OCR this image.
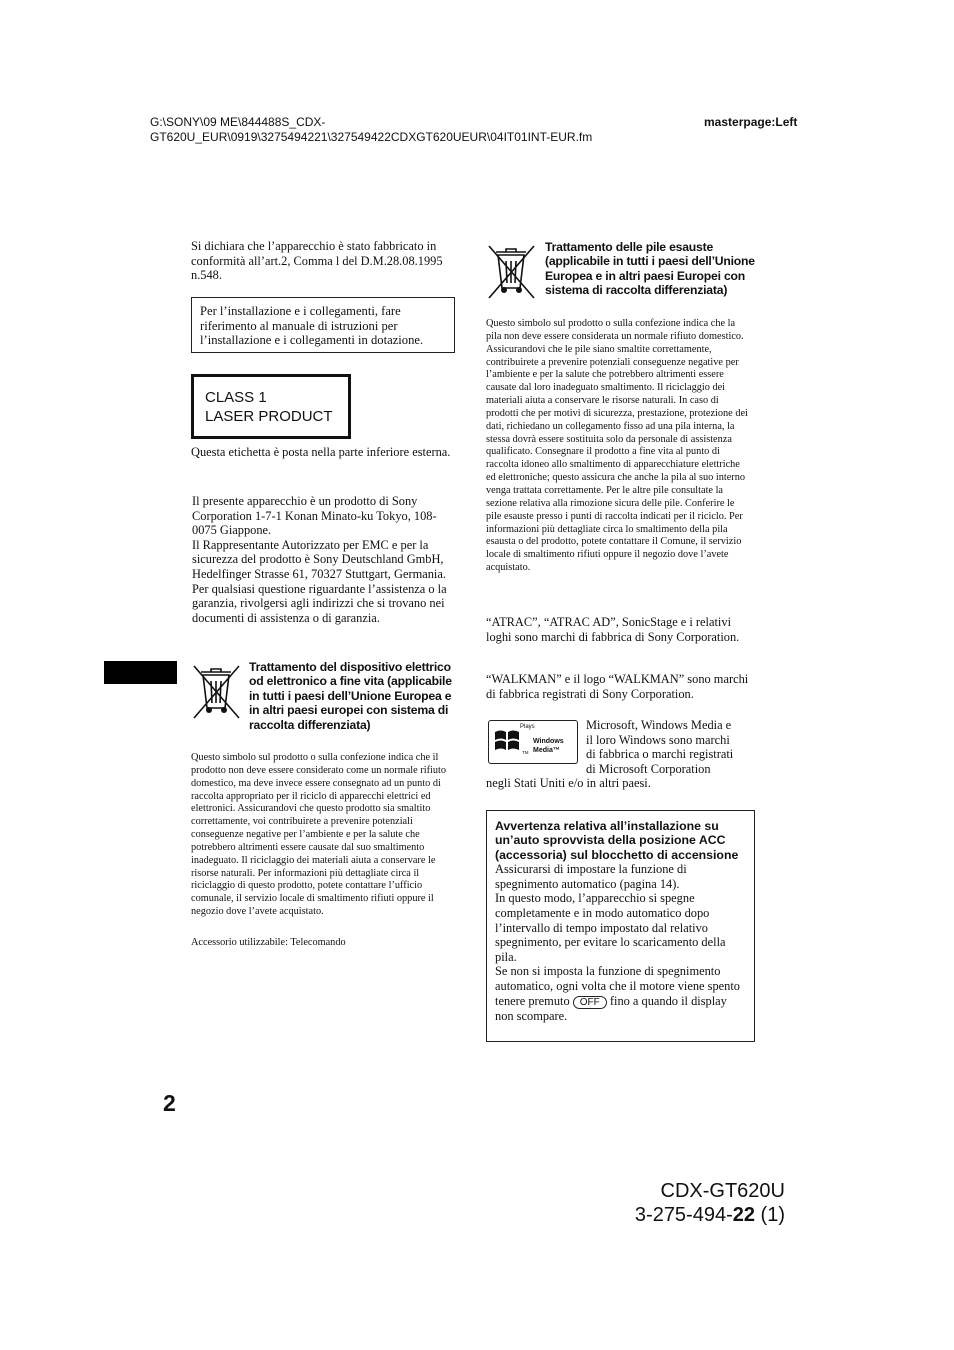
G:\SONY\09 ME\844488S_CDX-
GT620U_EUR\0919\3275494221\327549422CDXGT620UEUR\04IT01INT-EUR.fm
masterpage:Left
Si dichiara che l’apparecchio è stato fabbricato in conformità all’art.2, Comma l del D.M.28.08.1995 n.548.
Per l’installazione e i collegamenti, fare riferimento al manuale di istruzioni per l’installazione e i collegamenti in dotazione.
CLASS 1
LASER PRODUCT
Questa etichetta è posta nella parte inferiore esterna.
Il presente apparecchio è un prodotto di Sony Corporation 1-7-1 Konan Minato-ku Tokyo, 108-0075 Giappone.
Il Rappresentante Autorizzato per EMC e per la sicurezza del prodotto è Sony Deutschland GmbH, Hedelfinger Strasse 61, 70327 Stuttgart, Germania. Per qualsiasi questione riguardante l’assistenza o la garanzia, rivolgersi agli indirizzi che si trovano nei documenti di assistenza o di garanzia.
Trattamento del dispositivo elettrico od elettronico a fine vita (applicabile in tutti i paesi dell’Unione Europea e in altri paesi europei con sistema di raccolta differenziata)
Questo simbolo sul prodotto o sulla confezione indica che il prodotto non deve essere considerato come un normale rifiuto domestico, ma deve invece essere consegnato ad un punto di raccolta appropriato per il riciclo di apparecchi elettrici ed elettronici. Assicurandovi che questo prodotto sia smaltito correttamente, voi contribuirete a prevenire potenziali conseguenze negative per l’ambiente e per la salute che potrebbero altrimenti essere causate dal suo smaltimento inadeguato. Il riciclaggio dei materiali aiuta a conservare le risorse naturali. Per informazioni più dettagliate circa il riciclaggio di questo prodotto, potete contattare l’ufficio comunale, il servizio locale di smaltimento rifiuti oppure il negozio dove l’avete acquistato.
Accessorio utilizzabile: Telecomando
Trattamento delle pile esauste (applicabile in tutti i paesi dell’Unione Europea e in altri paesi Europei con sistema di raccolta differenziata)
Questo simbolo sul prodotto o sulla confezione indica che la pila non deve essere considerata un normale rifiuto domestico. Assicurandovi che le pile siano smaltite correttamente, contribuirete a prevenire potenziali conseguenze negative per l’ambiente e per la salute che potrebbero altrimenti essere causate dal loro inadeguato smaltimento. Il riciclaggio dei materiali aiuta a conservare le risorse naturali. In caso di prodotti che per motivi di sicurezza, prestazione, protezione dei dati, richiedano un collegamento fisso ad una pila interna, la stessa dovrà essere sostituita solo da personale di assistenza qualificato. Consegnare il prodotto a fine vita al punto di raccolta idoneo allo smaltimento di apparecchiature elettriche ed elettroniche; questo assicura che anche la pila al suo interno venga trattata correttamente. Per le altre pile consultate la sezione relativa alla rimozione sicura delle pile. Conferire le pile esauste presso i punti di raccolta indicati per il riciclo. Per informazioni più dettagliate circa lo smaltimento della pila esausta o del prodotto, potete contattare il Comune, il servizio locale di smaltimento rifiuti oppure il negozio dove l’avete acquistato.
“ATRAC”, “ATRAC AD”, SonicStage e i relativi loghi sono marchi di fabbrica di Sony Corporation.
“WALKMAN” e il logo “WALKMAN” sono marchi di fabbrica registrati di Sony Corporation.
Plays
Windows
Media™
TM
Microsoft, Windows Media e
il loro Windows sono marchi
di fabbrica o marchi registrati
di Microsoft Corporation
negli Stati Uniti e/o in altri paesi.
Avvertenza relativa all’installazione su un’auto sprovvista della posizione ACC (accessoria) sul blocchetto di accensione
Assicurarsi di impostare la funzione di spegnimento automatico (pagina 14).
In questo modo, l’apparecchio si spegne completamente e in modo automatico dopo l’intervallo di tempo impostato dal relativo spegnimento, per evitare lo scaricamento della pila.
Se non si imposta la funzione di spegnimento automatico, ogni volta che il motore viene spento tenere premuto OFF fino a quando il display non scompare.
2
CDX-GT620U
3-275-494-22 (1)
